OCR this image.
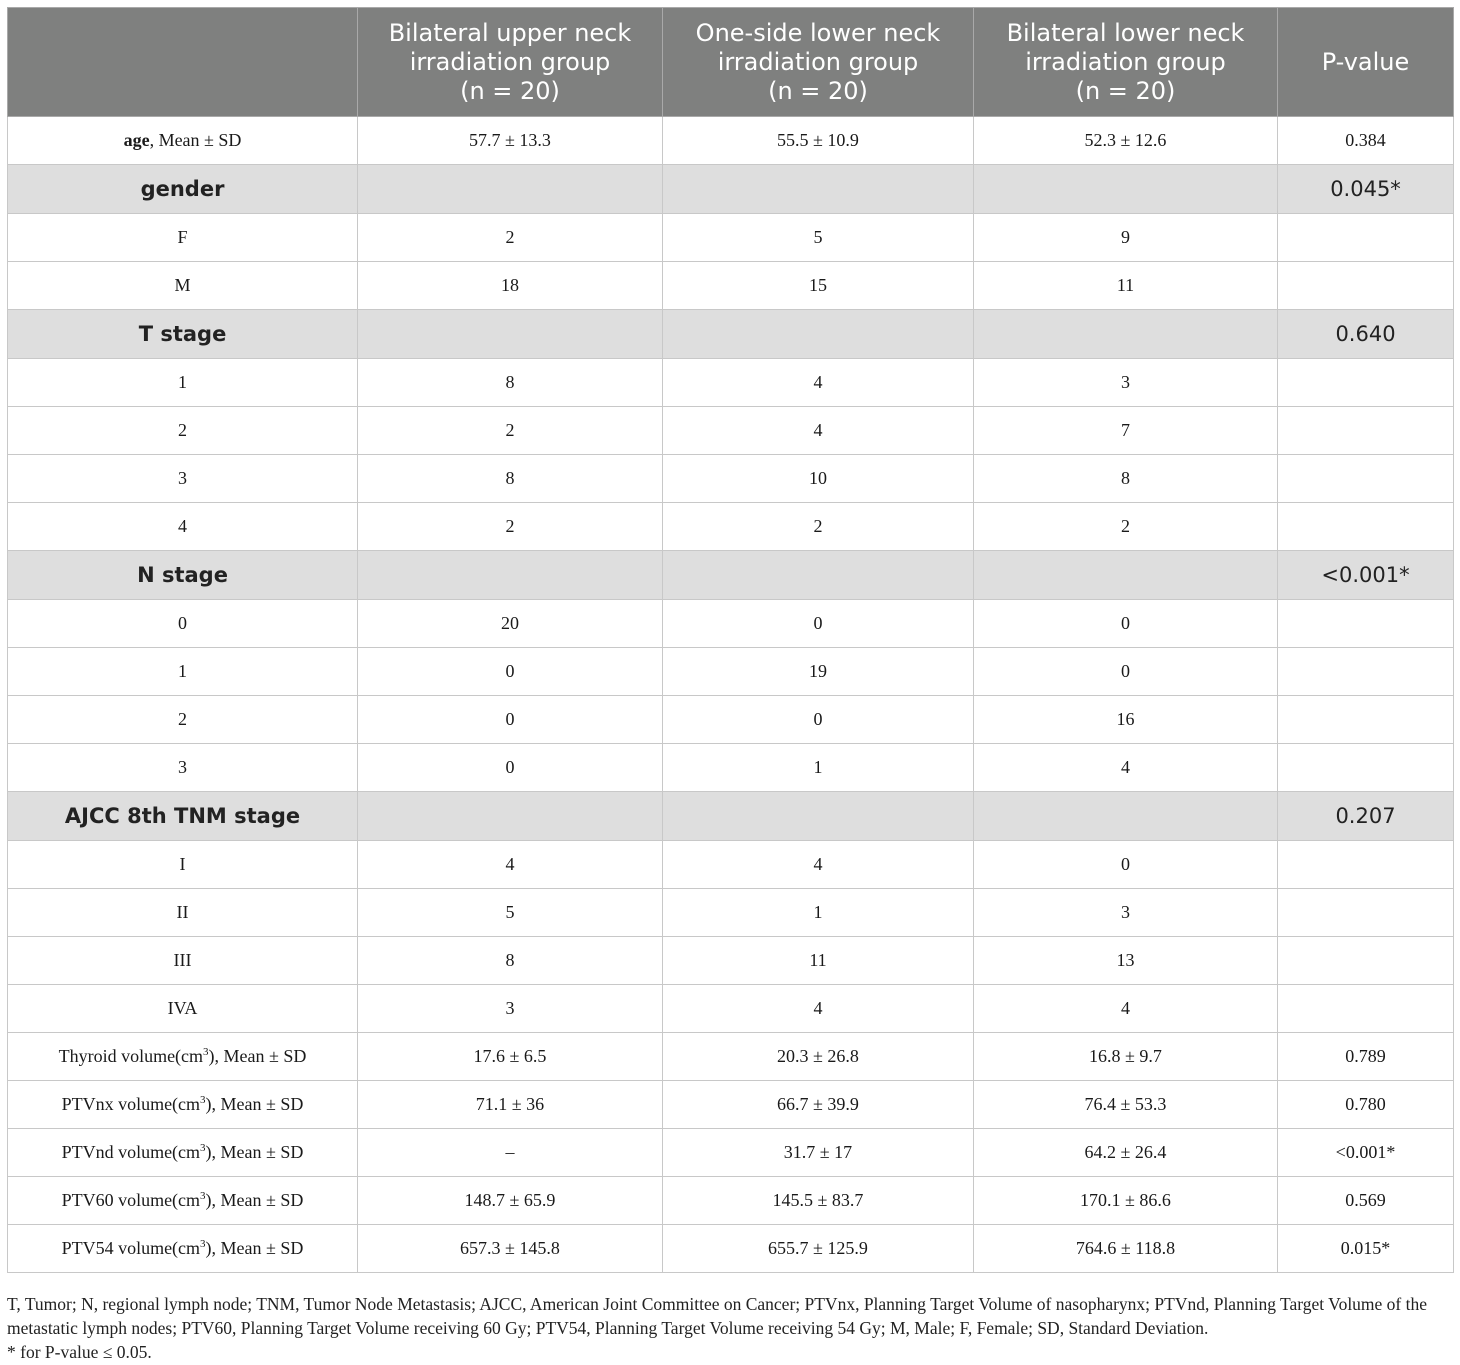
	Bilateral upper neck
irradiation group
(n = 20)	One-side lower neck
irradiation group
(n = 20)	Bilateral lower neck
irradiation group
(n = 20)	P-value

age, Mean ± SD	57.7 ± 13.3	55.5 ± 10.9	52.3 ± 12.6	0.384
gender				0.045*
F	2	5	9	
M	18	15	11	
T stage				0.640
1	8	4	3	
2	2	4	7	
3	8	10	8	
4	2	2	2	
N stage				<0.001*
0	20	0	0	
1	0	19	0	
2	0	0	16	
3	0	1	4	
AJCC 8th TNM stage				0.207
I	4	4	0	
II	5	1	3	
III	8	11	13	
IVA	3	4	4	
Thyroid $volume(cm^3)$, Mean ± SD	17.6 ± 6.5	20.3 ± 26.8	16.8 ± 9.7	0.789
PTVnx $volume(cm^3)$, Mean ± SD	71.1 ± 36	66.7 ± 39.9	76.4 ± 53.3	0.780
PTVnd $volume(cm^3)$, Mean ± SD	–	31.7 ± 17	64.2 ± 26.4	<0.001*
PTV60 $volume(cm^3)$, Mean ± SD	148.7 ± 65.9	145.5 ± 83.7	170.1 ± 86.6	0.569
PTV54 $volume(cm^3)$, Mean ± SD	657.3 ± 145.8	655.7 ± 125.9	764.6 ± 118.8	0.015*

T, Tumor; N, regional lymph node; TNM, Tumor Node Metastasis; AJCC, American Joint Committee on Cancer; PTVnx, Planning Target Volume of nasopharynx; PTVnd, Planning Target Volume of the metastatic lymph nodes; PTV60, Planning Target Volume receiving 60 Gy; PTV54, Planning Target Volume receiving 54 Gy; M, Male; F, Female; SD, Standard Deviation.

* for P-value ≤ 0.05.
